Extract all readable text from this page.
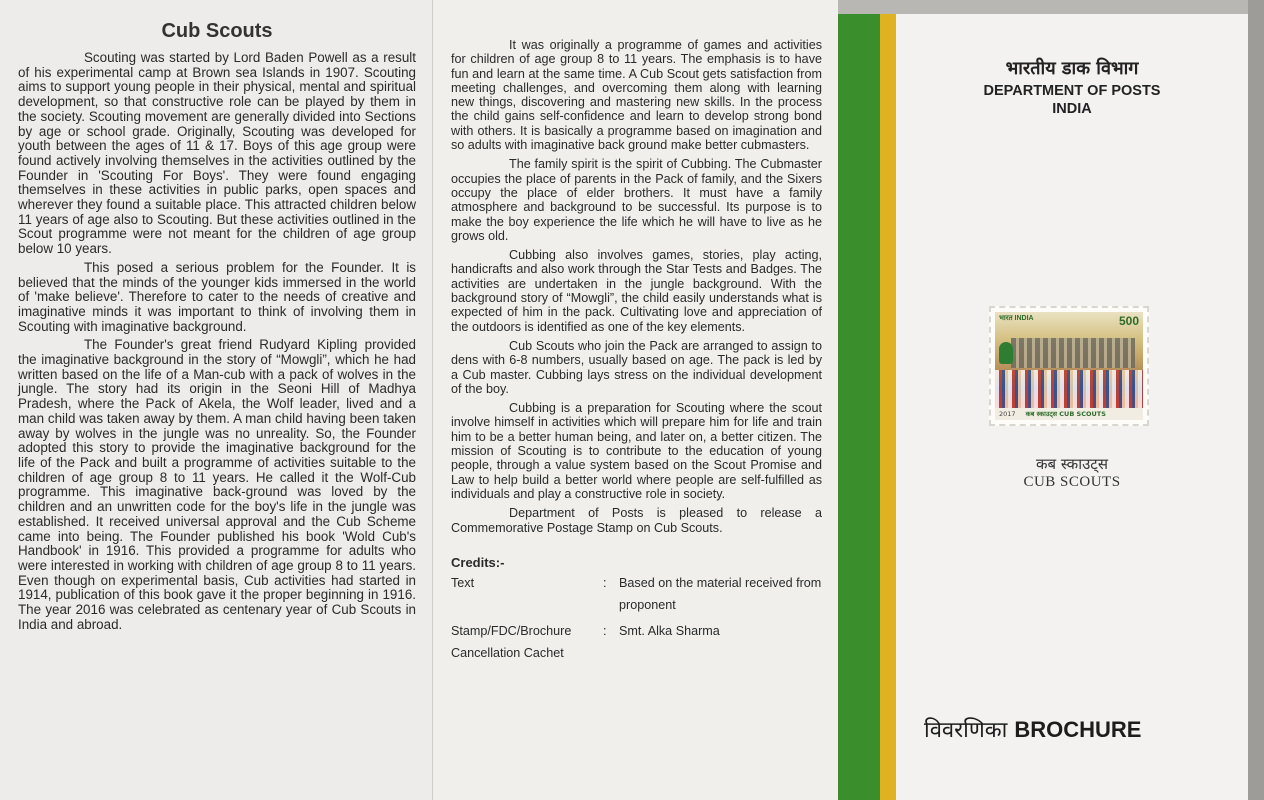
Cub Scouts

Scouting was started by Lord Baden Powell as a result of his experimental camp at Brown sea Islands in 1907. Scouting aims to support young people in their physical, mental and spiritual development, so that constructive role can be played by them in the society. Scouting movement are generally divided into Sections by age or school grade. Originally, Scouting was developed for youth between the ages of 11 & 17. Boys of this age group were found actively involving themselves in the activities outlined by the Founder in 'Scouting For Boys'. They were found engaging themselves in these activities in public parks, open spaces and wherever they found a suitable place. This attracted children below 11 years of age also to Scouting. But these activities outlined in the Scout programme were not meant for the children of age group below 10 years.

This posed a serious problem for the Founder. It is believed that the minds of the younger kids immersed in the world of 'make believe'. Therefore to cater to the needs of creative and imaginative minds it was important to think of involving them in Scouting with imaginative background.

The Founder's great friend Rudyard Kipling provided the imaginative background in the story of “Mowgli”, which he had written based on the life of a Man-cub with a pack of wolves in the jungle. The story had its origin in the Seoni Hill of Madhya Pradesh, where the Pack of Akela, the Wolf leader, lived and a man child was taken away by them. A man child having been taken away by wolves in the jungle was no unreality. So, the Founder adopted this story to provide the imaginative background for the life of the Pack and built a programme of activities suitable to the children of age group 8 to 11 years. He called it the Wolf-Cub programme. This imaginative back-ground was loved by the children and an unwritten code for the boy's life in the jungle was established. It received universal approval and the Cub Scheme came into being. The Founder published his book 'Wold Cub's Handbook' in 1916. This provided a programme for adults who were interested in working with children of age group 8 to 11 years. Even though on experimental basis, Cub activities had started in 1914, publication of this book gave it the proper beginning in 1916. The year 2016 was celebrated as centenary year of Cub Scouts in India and abroad.

It was originally a programme of games and activities for children of age group 8 to 11 years. The emphasis is to have fun and learn at the same time. A Cub Scout gets satisfaction from meeting challenges, and overcoming them along with learning new things, discovering and mastering new skills. In the process the child gains self-confidence and learn to develop strong bond with others. It is basically a programme based on imagination and so adults with imaginative back ground make better cubmasters.

The family spirit is the spirit of Cubbing. The Cubmaster occupies the place of parents in the Pack of family, and the Sixers occupy the place of elder brothers. It must have a family atmosphere and background to be successful. Its purpose is to make the boy experience the life which he will have to live as he grows old.

Cubbing also involves games, stories, play acting, handicrafts and also work through the Star Tests and Badges. The activities are undertaken in the jungle background. With the background story of “Mowgli”, the child easily understands what is expected of him in the pack. Cultivating love and appreciation of the outdoors is identified as one of the key elements.

Cub Scouts who join the Pack are arranged to assign to dens with 6-8 numbers, usually based on age. The pack is led by a Cub master. Cubbing lays stress on the individual development of the boy.

Cubbing is a preparation for Scouting where the scout involve himself in activities which will prepare him for life and train him to be a better human being, and later on, a better citizen. The mission of Scouting is to contribute to the education of young people, through a value system based on the Scout Promise and Law to help build a better world where people are self-fulfilled as individuals and play a constructive role in society.

Department of Posts is pleased to release a Commemorative Postage Stamp on Cub Scouts.

Credits:-
Text	: Based on the material received from proponent
Stamp/FDC/Brochure Cancellation Cachet
: Smt. Alka Sharma
भारतीय डाक विभाग
DEPARTMENT OF POSTS
INDIA
भारत INDIA	500
2017 कब स्काउट्स CUB SCOUTS
कब स्काउट्स
CUB SCOUTS
विवरणिका BROCHURE
